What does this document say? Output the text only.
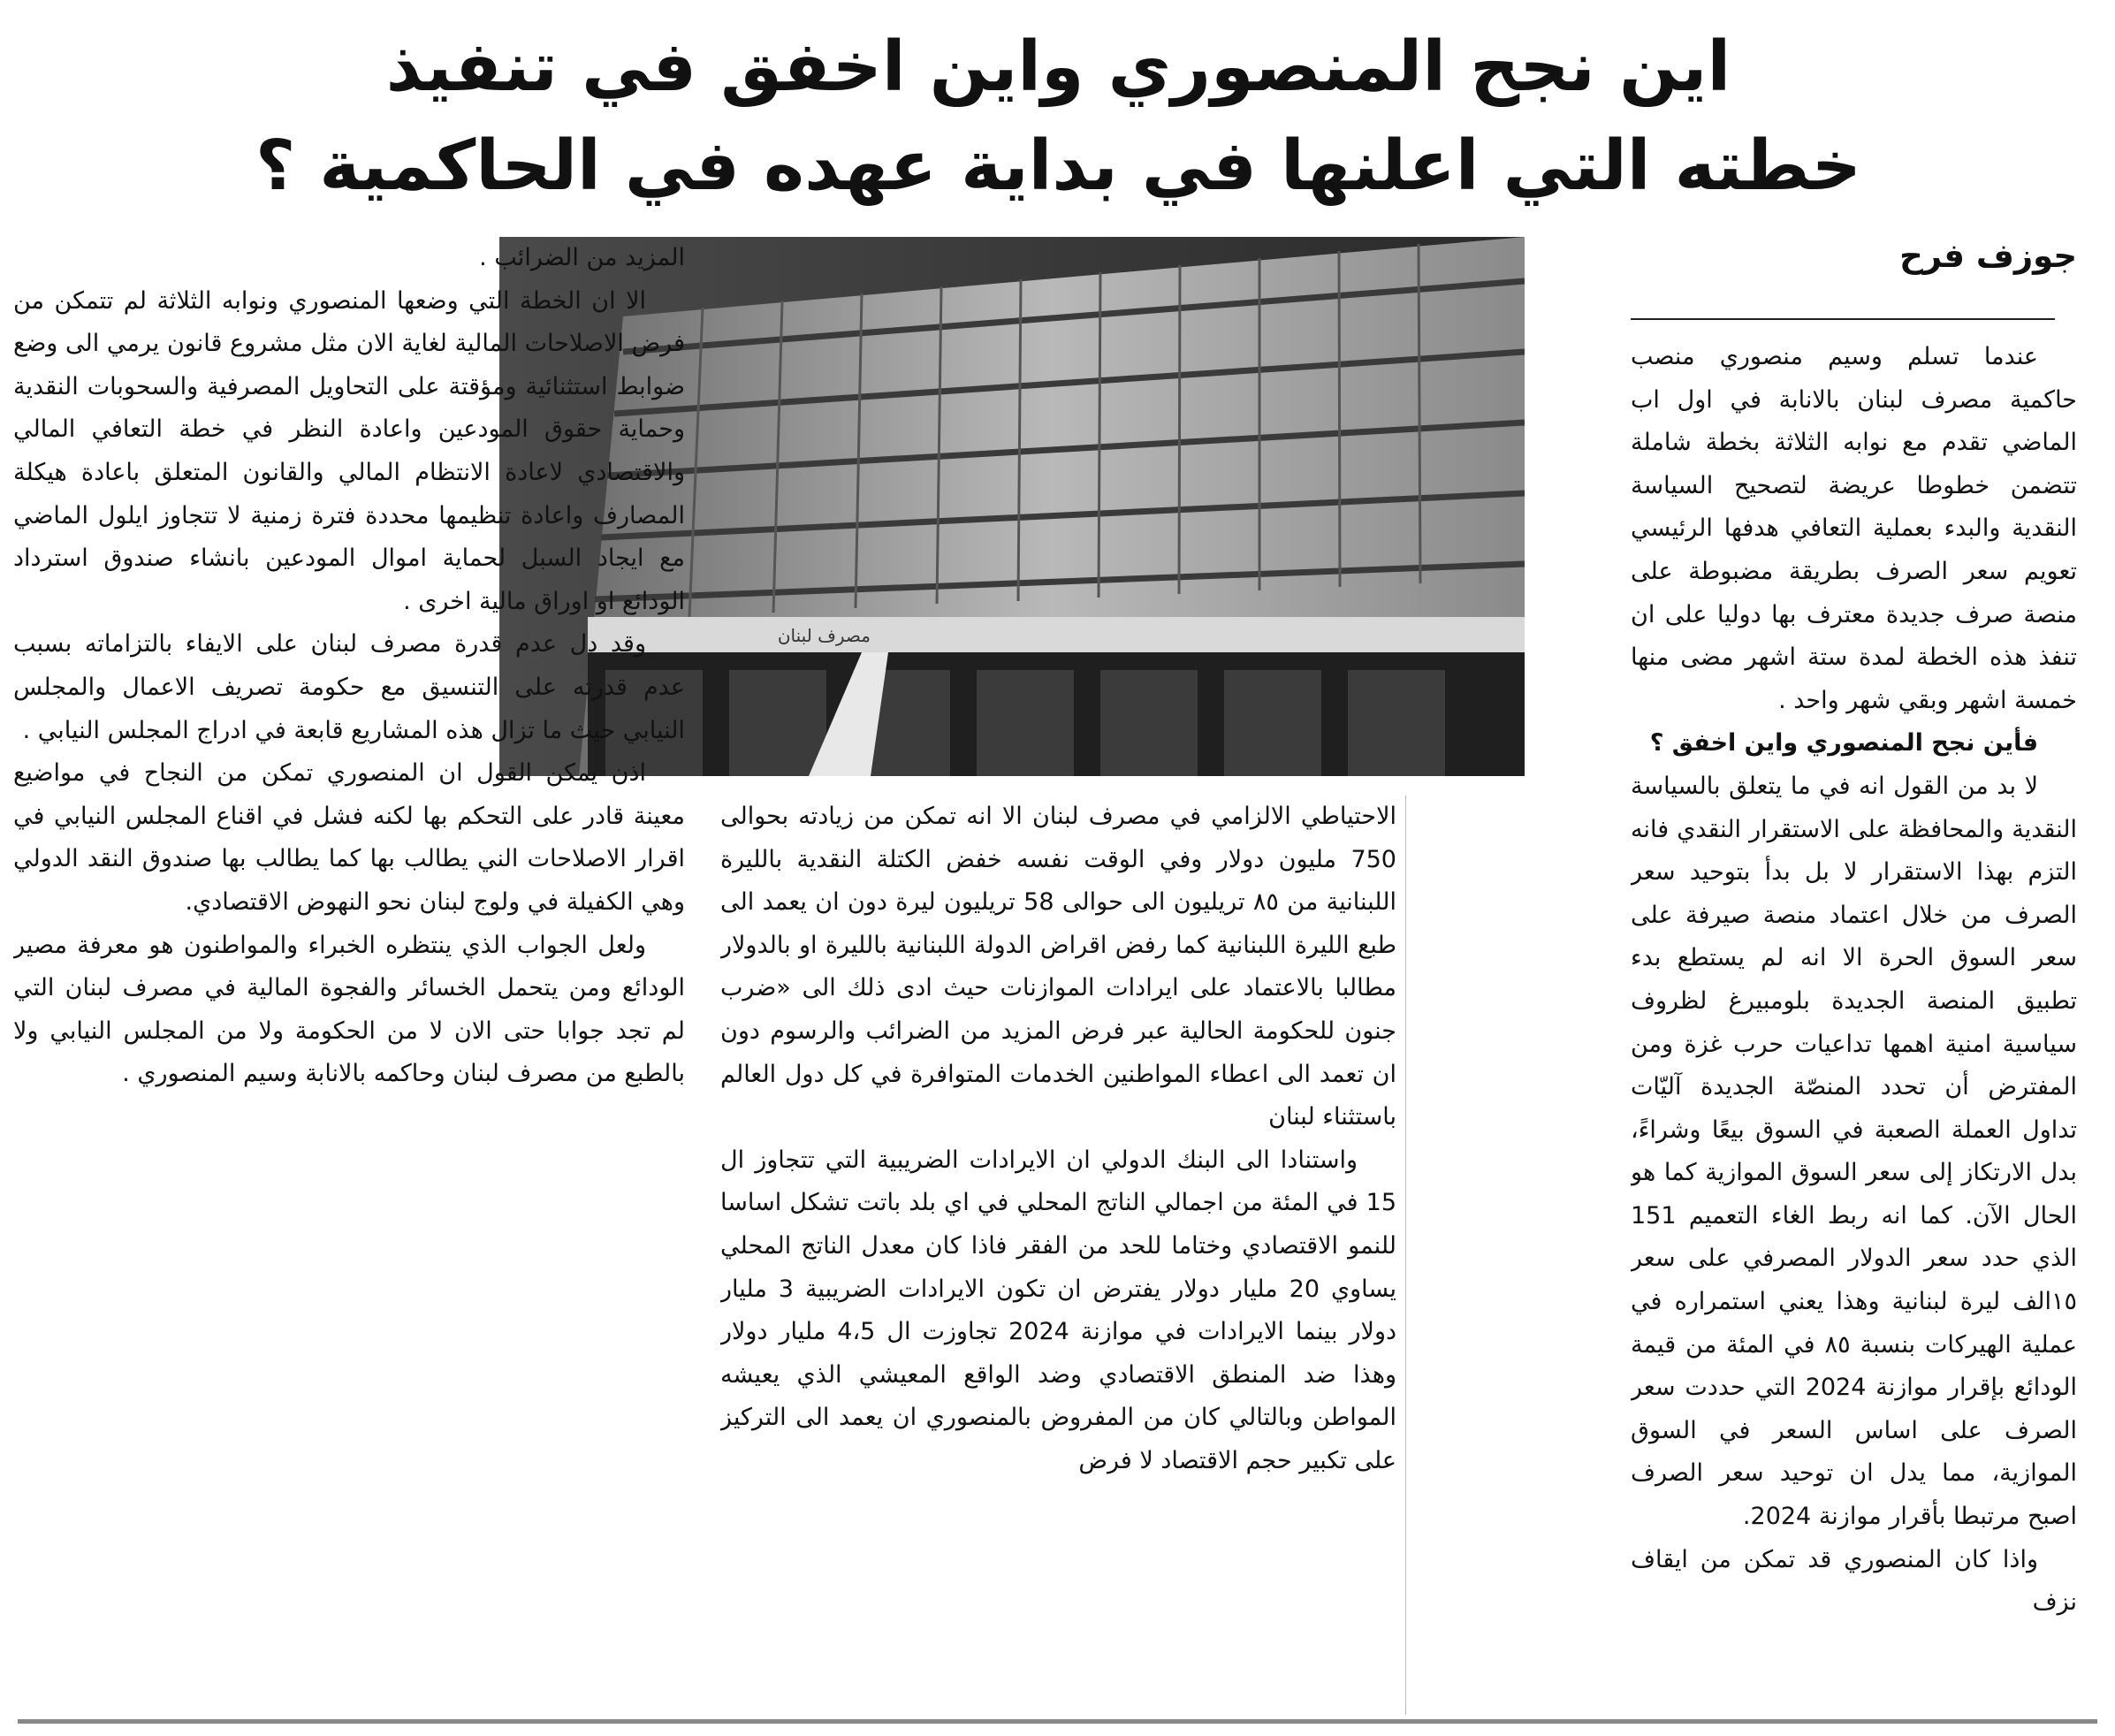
اين نجح المنصوري واين اخفق في تنفيذ
خطته التي اعلنها في بداية عهده في الحاكمية ؟
جوزف فرح
مصرف لبنان

عندما تسلم وسيم منصوري منصب حاكمية مصرف لبنان بالانابة في اول اب الماضي تقدم مع نوابه الثلاثة بخطة شاملة تتضمن خطوطا عريضة لتصحيح السياسة النقدية والبدء بعملية التعافي هدفها الرئيسي تعويم سعر الصرف بطريقة مضبوطة على منصة صرف جديدة معترف بها دوليا على ان تنفذ هذه الخطة لمدة ستة اشهر مضى منها خمسة اشهر وبقي شهر واحد .

فأين نجح المنصوري واين اخفق ؟

لا بد من القول انه في ما يتعلق بالسياسة النقدية والمحافظة على الاستقرار النقدي فانه التزم بهذا الاستقرار لا بل بدأ بتوحيد سعر الصرف من خلال اعتماد منصة صيرفة على سعر السوق الحرة الا انه لم يستطع بدء تطبيق المنصة الجديدة بلومبيرغ لظروف سياسية امنية اهمها تداعيات حرب غزة ومن المفترض أن تحدد المنصّة الجديدة آليّات تداول العملة الصعبة في السوق بيعًا وشراءً، بدل الارتكاز إلى سعر السوق الموازية كما هو الحال الآن. كما انه ربط الغاء التعميم 151 الذي حدد سعر الدولار المصرفي على سعر ١٥الف ليرة لبنانية وهذا يعني استمراره في عملية الهيركات بنسبة ٨٥ في المئة من قيمة الودائع بإقرار موازنة 2024 التي حددت سعر الصرف على اساس السعر في السوق الموازية، مما يدل ان توحيد سعر الصرف اصبح مرتبطا بأقرار موازنة 2024.

واذا كان المنصوري قد تمكن من ايقاف نزف

الاحتياطي الالزامي في مصرف لبنان الا انه تمكن من زيادته بحوالى 750 مليون دولار وفي الوقت نفسه خفض الكتلة النقدية بالليرة اللبنانية من ٨٥ تريليون الى حوالى 58 تريليون ليرة دون ان يعمد الى طبع الليرة اللبنانية كما رفض اقراض الدولة اللبنانية بالليرة او بالدولار مطالبا بالاعتماد على ايرادات الموازنات حيث ادى ذلك الى «ضرب جنون للحكومة الحالية عبر فرض المزيد من الضرائب والرسوم دون ان تعمد الى اعطاء المواطنين الخدمات المتوافرة في كل دول العالم باستثناء لبنان

واستنادا الى البنك الدولي ان الايرادات الضريبية التي تتجاوز ال 15 في المئة من اجمالي الناتج المحلي في اي بلد باتت تشكل اساسا للنمو الاقتصادي وختاما للحد من الفقر فاذا كان معدل الناتج المحلي يساوي 20 مليار دولار يفترض ان تكون الايرادات الضريبية 3 مليار دولار بينما الايرادات في موازنة 2024 تجاوزت ال 4،5 مليار دولار وهذا ضد المنطق الاقتصادي وضد الواقع المعيشي الذي يعيشه المواطن وبالتالي كان من المفروض بالمنصوري ان يعمد الى التركيز على تكبير حجم الاقتصاد لا فرض

المزيد من الضرائب .

الا ان الخطة التي وضعها المنصوري ونوابه الثلاثة لم تتمكن من فرض الاصلاحات المالية لغاية الان مثل مشروع قانون يرمي الى وضع ضوابط استثنائية ومؤقتة على التحاويل المصرفية والسحوبات النقدية وحماية حقوق المودعين واعادة النظر في خطة التعافي المالي والاقتصادي لاعادة الانتظام المالي والقانون المتعلق باعادة هيكلة المصارف واعادة تنظيمها محددة فترة زمنية لا تتجاوز ايلول الماضي مع ايجاد السبل لحماية اموال المودعين بانشاء صندوق استرداد الودائع او اوراق مالية اخرى .

وقد دل عدم قدرة مصرف لبنان على الايفاء بالتزاماته بسبب عدم قدرته على التنسيق مع حكومة تصريف الاعمال والمجلس النيابي حيث ما تزال هذه المشاريع قابعة في ادراج المجلس النيابي .

اذن يمكن القول ان المنصوري تمكن من النجاح في مواضيع معينة قادر على التحكم بها لكنه فشل في اقناع المجلس النيابي في اقرار الاصلاحات الني يطالب بها كما يطالب بها صندوق النقد الدولي وهي الكفيلة في ولوج لبنان نحو النهوض الاقتصادي.

ولعل الجواب الذي ينتظره الخبراء والمواطنون هو معرفة مصير الودائع ومن يتحمل الخسائر والفجوة المالية في مصرف لبنان التي لم تجد جوابا حتى الان لا من الحكومة ولا من المجلس النيابي ولا بالطبع من مصرف لبنان وحاكمه بالانابة وسيم المنصوري .
